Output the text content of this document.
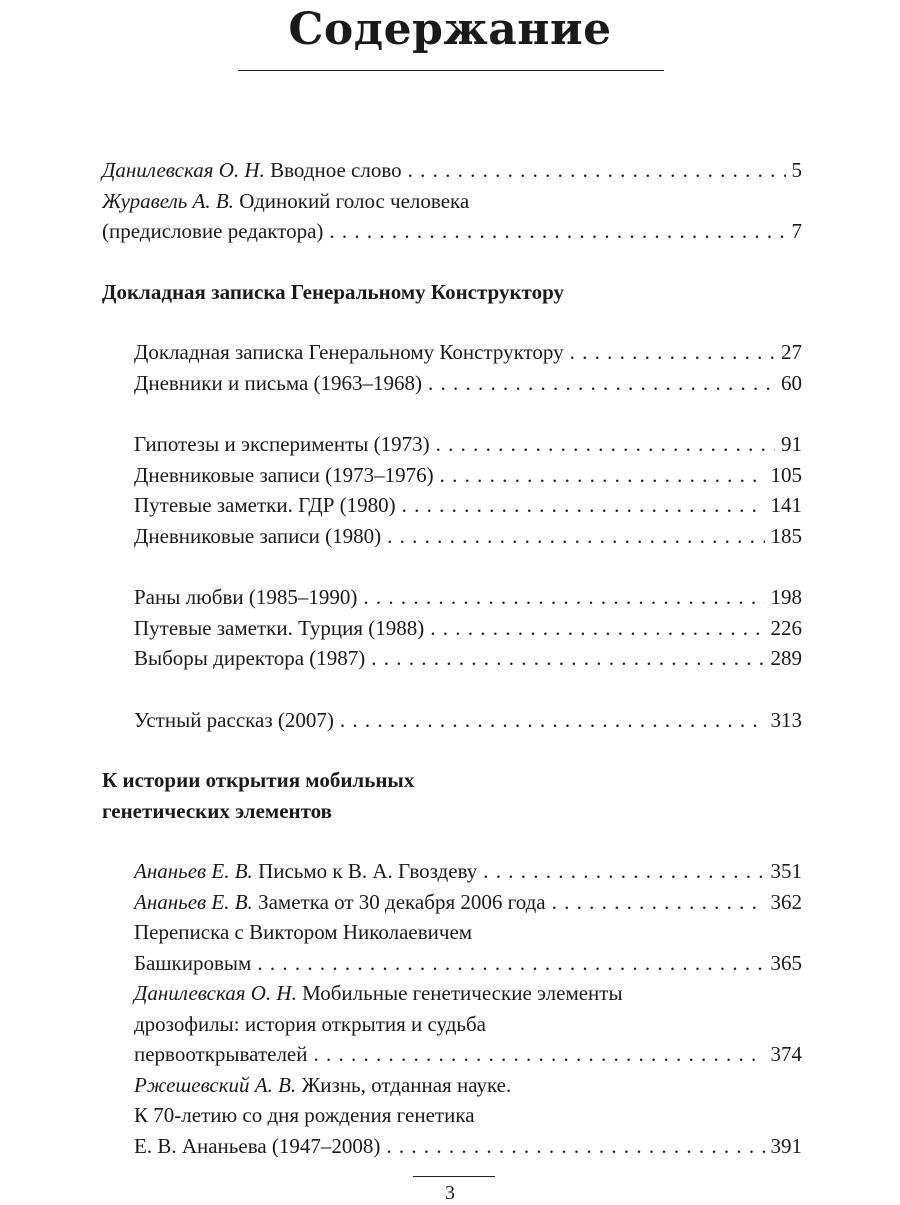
Содержание
Данилевская О. Н. Вводное слово . . .	5
Журавель А. В. Одинокий голос человека
(предисловие редактора) . . .	7
Докладная записка Генеральному Конструктору
Докладная записка Генеральному Конструктору . . .	27
Дневники и письма (1963–1968) . . .	60
Гипотезы и эксперименты (1973) . . .	91
Дневниковые записи (1973–1976) . . .	105
Путевые заметки. ГДР (1980) . . .	141
Дневниковые записи (1980) . . .	185
Раны любви (1985–1990) . . .	198
Путевые заметки. Турция (1988) . . .	226
Выборы директора (1987) . . .	289
Устный рассказ (2007) . . .	313
К истории открытия мобильных
генетических элементов
Ананьев Е. В. Письмо к В. А. Гвоздеву . . .	351
Ананьев Е. В. Заметка от 30 декабря 2006 года . . .	362
Переписка с Виктором Николаевичем
Башкировым . . .	365
Данилевская О. Н. Мобильные генетические элементы
дрозофилы: история открытия и судьба
первооткрывателей . . .	374
Ржешевский А. В. Жизнь, отданная науке.
К 70-летию со дня рождения генетика
Е. В. Ананьева (1947–2008) . . .	391
3
